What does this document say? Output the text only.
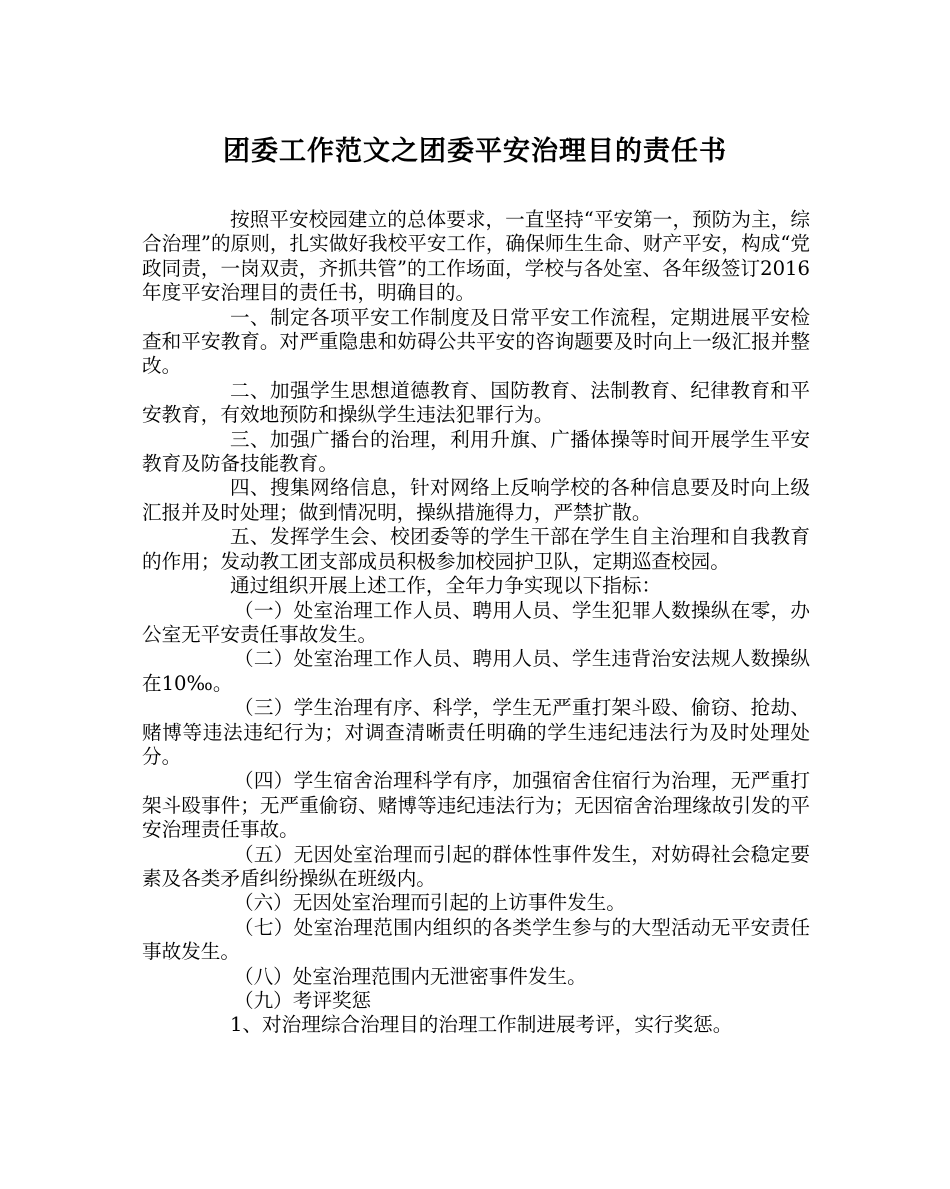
团委工作范文之团委平安治理目的责任书

按照平安校园建立的总体要求，一直坚持“平安第一，预防为主，综合治理”的原则，扎实做好我校平安工作，确保师生生命、财产平安，构成“党政同责，一岗双责，齐抓共管”的工作场面，学校与各处室、各年级签订2016年度平安治理目的责任书，明确目的。

一、制定各项平安工作制度及日常平安工作流程，定期进展平安检查和平安教育。对严重隐患和妨碍公共平安的咨询题要及时向上一级汇报并整改。

二、加强学生思想道德教育、国防教育、法制教育、纪律教育和平安教育，有效地预防和操纵学生违法犯罪行为。

三、加强广播台的治理，利用升旗、广播体操等时间开展学生平安教育及防备技能教育。

四、搜集网络信息，针对网络上反响学校的各种信息要及时向上级汇报并及时处理；做到情况明，操纵措施得力，严禁扩散。

五、发挥学生会、校团委等的学生干部在学生自主治理和自我教育的作用；发动教工团支部成员积极参加校园护卫队，定期巡查校园。

通过组织开展上述工作，全年力争实现以下指标：

（一）处室治理工作人员、聘用人员、学生犯罪人数操纵在零，办公室无平安责任事故发生。

（二）处室治理工作人员、聘用人员、学生违背治安法规人数操纵在10‰。

（三）学生治理有序、科学，学生无严重打架斗殴、偷窃、抢劫、赌博等违法违纪行为；对调查清晰责任明确的学生违纪违法行为及时处理处分。

（四）学生宿舍治理科学有序，加强宿舍住宿行为治理，无严重打架斗殴事件；无严重偷窃、赌博等违纪违法行为；无因宿舍治理缘故引发的平安治理责任事故。

（五）无因处室治理而引起的群体性事件发生，对妨碍社会稳定要素及各类矛盾纠纷操纵在班级内。

（六）无因处室治理而引起的上访事件发生。

（七）处室治理范围内组织的各类学生参与的大型活动无平安责任事故发生。

（八）处室治理范围内无泄密事件发生。

（九）考评奖惩

1、对治理综合治理目的治理工作制进展考评，实行奖惩。
